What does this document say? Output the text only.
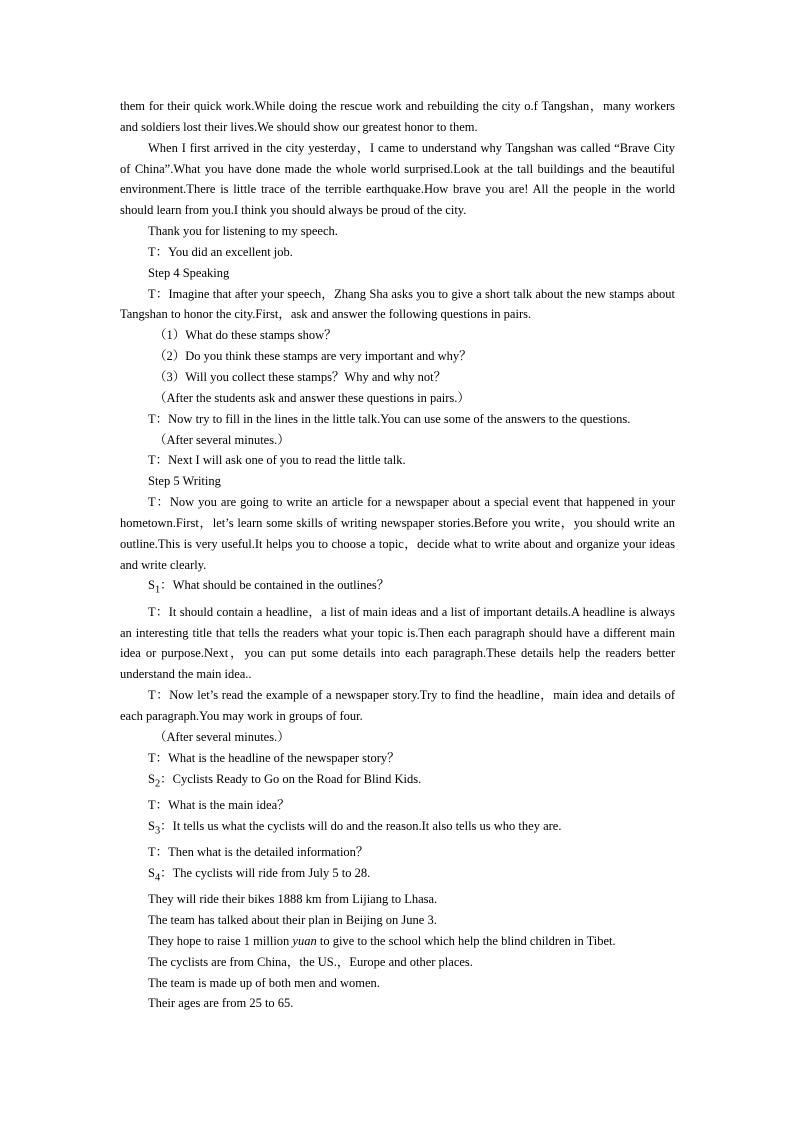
them for their quick work.While doing the rescue work and rebuilding the city o.f Tangshan，many workers and soldiers lost their lives.We should show our greatest honor to them.

When I first arrived in the city yesterday，I came to understand why Tangshan was called “Brave City of China”.What you have done made the whole world surprised.Look at the tall buildings and the beautiful environment.There is little trace of the terrible earthquake.How brave you are! All the people in the world should learn from you.I think you should always be proud of the city.

Thank you for listening to my speech.

T：You did an excellent job.

Step 4 Speaking

T：Imagine that after your speech，Zhang Sha asks you to give a short talk about the new stamps about Tangshan to honor the city.First，ask and answer the following questions in pairs.

（1）What do these stamps show？

（2）Do you think these stamps are very important and why？

（3）Will you collect these stamps？Why and why not？

（After the students ask and answer these questions in pairs.）

T：Now try to fill in the lines in the little talk.You can use some of the answers to the questions.

（After several minutes.）

T：Next I will ask one of you to read the little talk.

Step 5 Writing

T：Now you are going to write an article for a newspaper about a special event that happened in your hometown.First，let’s learn some skills of writing newspaper stories.Before you write，you should write an outline.This is very useful.It helps you to choose a topic，decide what to write about and organize your ideas and write clearly.

$S_1$：What should be contained in the outlines？

T：It should contain a headline，a list of main ideas and a list of important details.A headline is always an interesting title that tells the readers what your topic is.Then each paragraph should have a different main idea or purpose.Next，you can put some details into each paragraph.These details help the readers better understand the main idea..

T：Now let’s read the example of a newspaper story.Try to find the headline，main idea and details of each paragraph.You may work in groups of four.

（After several minutes.）

T：What is the headline of the newspaper story？

$S_2$：Cyclists Ready to Go on the Road for Blind Kids.

T：What is the main idea？

$S_3$：It tells us what the cyclists will do and the reason.It also tells us who they are.

T：Then what is the detailed information？

$S_4$：The cyclists will ride from July 5 to 28.

They will ride their bikes 1888 km from Lijiang to Lhasa.

The team has talked about their plan in Beijing on June 3.

They hope to raise 1 million yuan to give to the school which help the blind children in Tibet.

The cyclists are from China，the US.，Europe and other places.

The team is made up of both men and women.

Their ages are from 25 to 65.
